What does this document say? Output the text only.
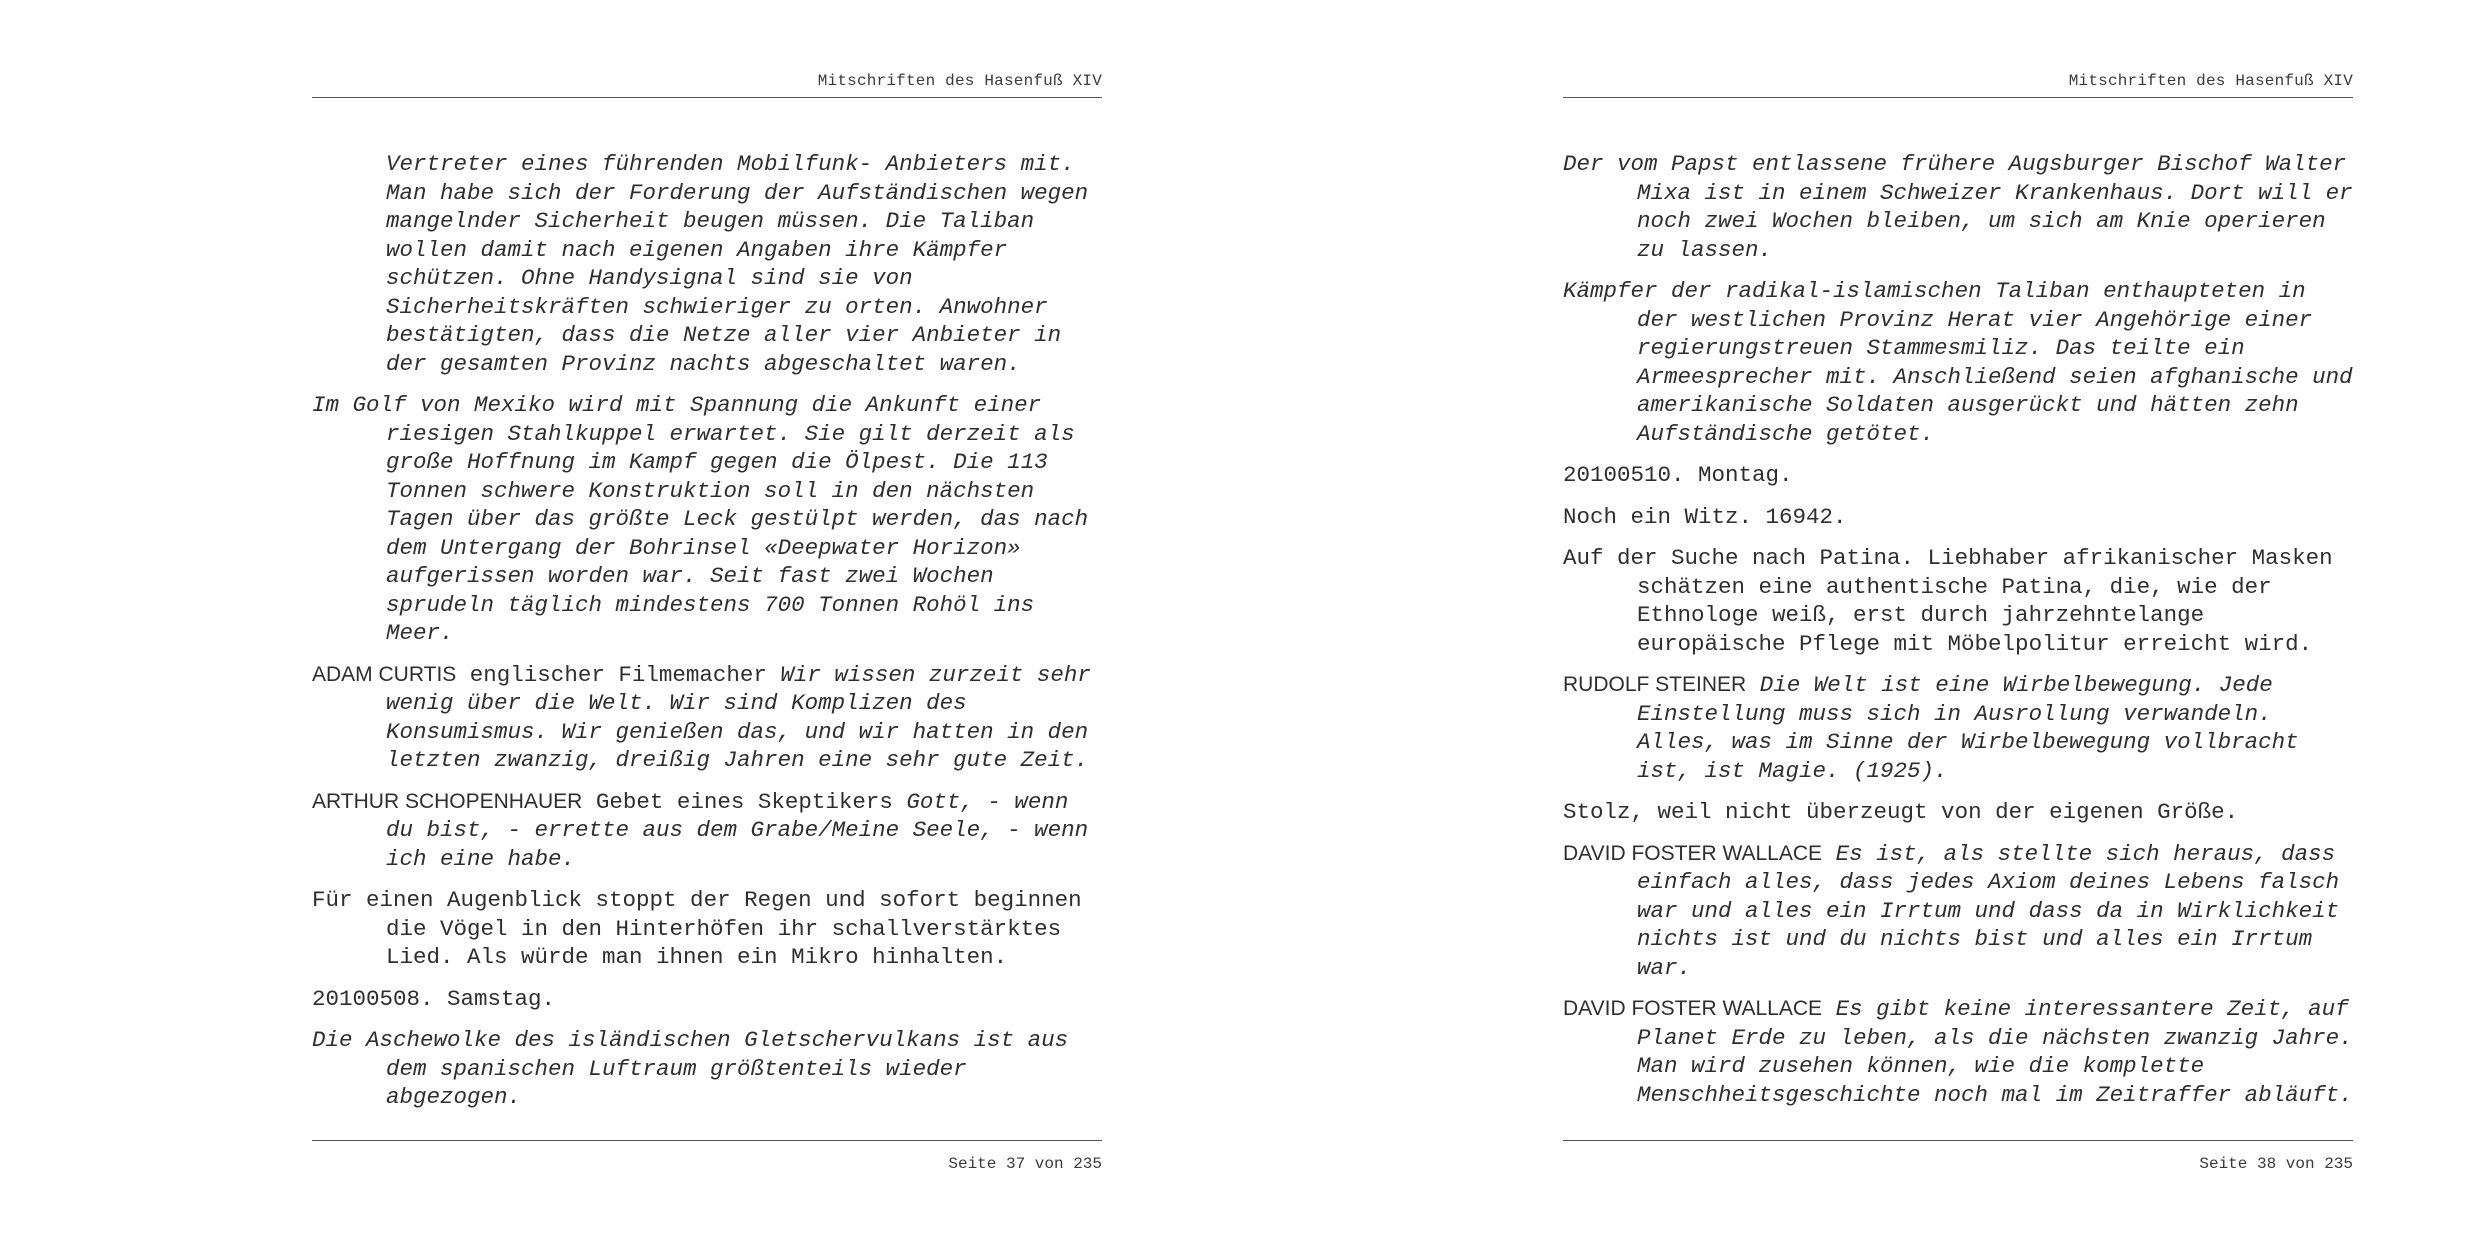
Mitschriften des Hasenfuß XIV

Vertreter eines führenden Mobilfunk- Anbieters mit. Man habe sich der Forderung der Aufständischen wegen mangelnder Sicherheit beugen müssen. Die Taliban wollen damit nach eigenen Angaben ihre Kämpfer schützen. Ohne Handysignal sind sie von Sicherheitskräften schwieriger zu orten. Anwohner bestätigten, dass die Netze aller vier Anbieter in der gesamten Provinz nachts abgeschaltet waren.

Im Golf von Mexiko wird mit Spannung die Ankunft einer riesigen Stahlkuppel erwartet. Sie gilt derzeit als große Hoffnung im Kampf gegen die Ölpest. Die 113 Tonnen schwere Konstruktion soll in den nächsten Tagen über das größte Leck gestülpt werden, das nach dem Untergang der Bohrinsel «Deepwater Horizon» aufgerissen worden war. Seit fast zwei Wochen sprudeln täglich mindestens 700 Tonnen Rohöl ins Meer.

ADAM CURTIS englischer Filmemacher Wir wissen zurzeit sehr wenig über die Welt. Wir sind Komplizen des Konsumismus. Wir genießen das, und wir hatten in den letzten zwanzig, dreißig Jahren eine sehr gute Zeit.

ARTHUR SCHOPENHAUER Gebet eines Skeptikers Gott, - wenn du bist, - errette aus dem Grabe/Meine Seele, - wenn ich eine habe.

Für einen Augenblick stoppt der Regen und sofort beginnen die Vögel in den Hinterhöfen ihr schallverstärktes Lied. Als würde man ihnen ein Mikro hinhalten.

20100508. Samstag.

Die Aschewolke des isländischen Gletschervulkans ist aus dem spanischen Luftraum größtenteils wieder abgezogen.

Seite 37 von 235
Mitschriften des Hasenfuß XIV

Der vom Papst entlassene frühere Augsburger Bischof Walter Mixa ist in einem Schweizer Krankenhaus. Dort will er noch zwei Wochen bleiben, um sich am Knie operieren zu lassen.

Kämpfer der radikal-islamischen Taliban enthaupteten in der westlichen Provinz Herat vier Angehörige einer regierungstreuen Stammesmiliz. Das teilte ein Armeesprecher mit. Anschließend seien afghanische und amerikanische Soldaten ausgerückt und hätten zehn Aufständische getötet.

20100510. Montag.

Noch ein Witz. 16942.

Auf der Suche nach Patina. Liebhaber afrikanischer Masken schätzen eine authentische Patina, die, wie der Ethnologe weiß, erst durch jahrzehntelange europäische Pflege mit Möbelpolitur erreicht wird.

RUDOLF STEINER Die Welt ist eine Wirbelbewegung. Jede Einstellung muss sich in Ausrollung verwandeln. Alles, was im Sinne der Wirbelbewegung vollbracht ist, ist Magie. (1925).

Stolz, weil nicht überzeugt von der eigenen Größe.

DAVID FOSTER WALLACE Es ist, als stellte sich heraus, dass einfach alles, dass jedes Axiom deines Lebens falsch war und alles ein Irrtum und dass da in Wirklichkeit nichts ist und du nichts bist und alles ein Irrtum war.

DAVID FOSTER WALLACE Es gibt keine interessantere Zeit, auf Planet Erde zu leben, als die nächsten zwanzig Jahre. Man wird zusehen können, wie die komplette Menschheitsgeschichte noch mal im Zeitraffer abläuft.

Seite 38 von 235
